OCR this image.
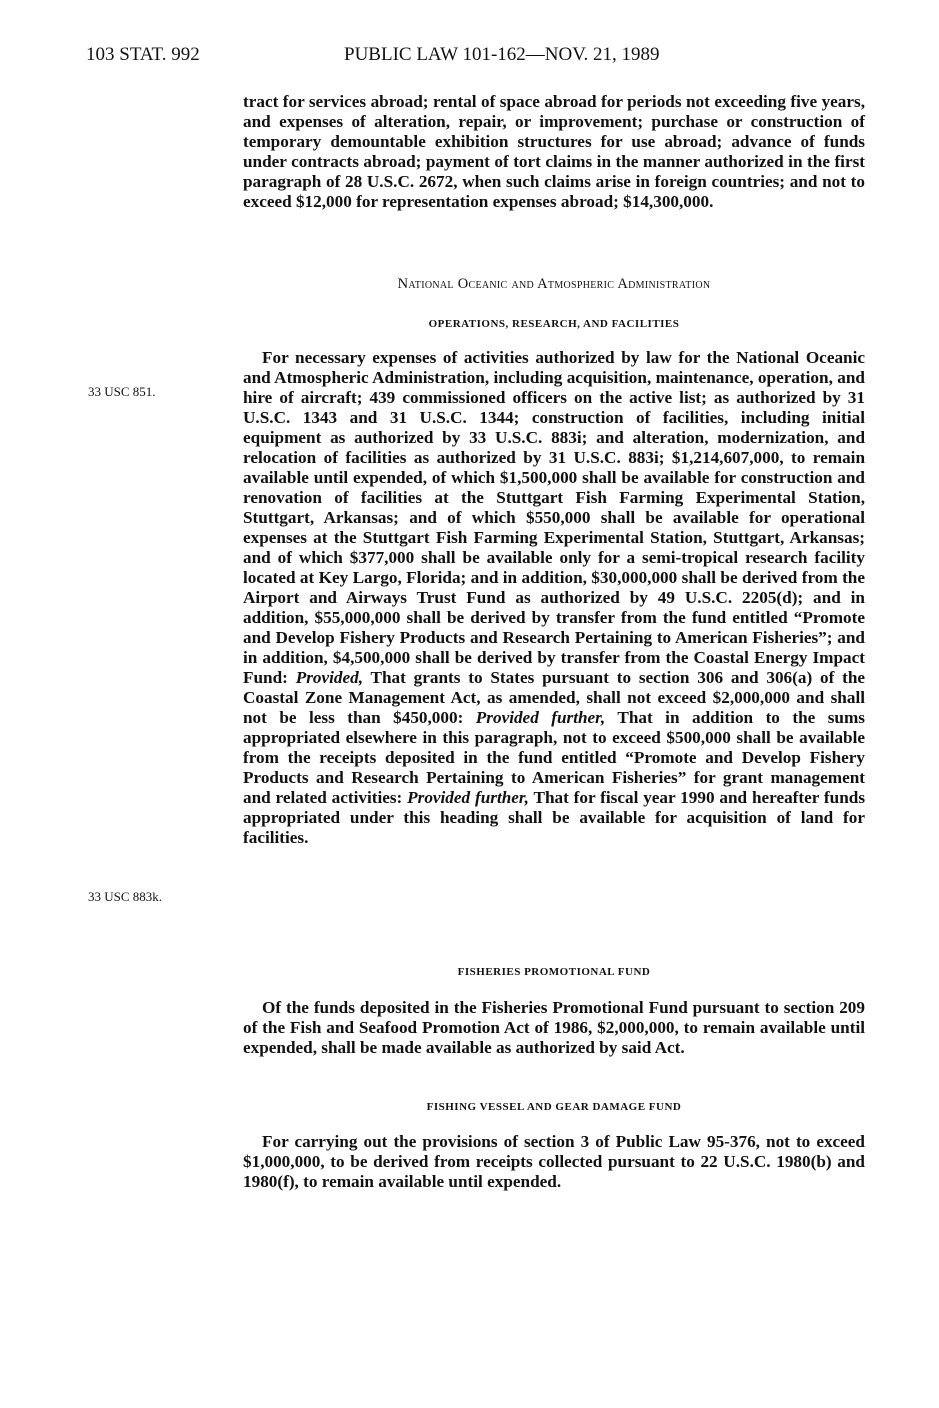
103 STAT. 992	PUBLIC LAW 101-162—NOV. 21, 1989
tract for services abroad; rental of space abroad for periods not exceeding five years, and expenses of alteration, repair, or improvement; purchase or construction of temporary demountable exhibition structures for use abroad; advance of funds under contracts abroad; payment of tort claims in the manner authorized in the first paragraph of 28 U.S.C. 2672, when such claims arise in foreign countries; and not to exceed $12,000 for representation expenses abroad; $14,300,000.
National Oceanic and Atmospheric Administration
OPERATIONS, RESEARCH, AND FACILITIES
33 USC 851.
For necessary expenses of activities authorized by law for the National Oceanic and Atmospheric Administration, including acquisition, maintenance, operation, and hire of aircraft; 439 commissioned officers on the active list; as authorized by 31 U.S.C. 1343 and 31 U.S.C. 1344; construction of facilities, including initial equipment as authorized by 33 U.S.C. 883i; and alteration, modernization, and relocation of facilities as authorized by 31 U.S.C. 883i; $1,214,607,000, to remain available until expended, of which $1,500,000 shall be available for construction and renovation of facilities at the Stuttgart Fish Farming Experimental Station, Stuttgart, Arkansas; and of which $550,000 shall be available for operational expenses at the Stuttgart Fish Farming Experimental Station, Stuttgart, Arkansas; and of which $377,000 shall be available only for a semi-tropical research facility located at Key Largo, Florida; and in addition, $30,000,000 shall be derived from the Airport and Airways Trust Fund as authorized by 49 U.S.C. 2205(d); and in addition, $55,000,000 shall be derived by transfer from the fund entitled “Promote and Develop Fishery Products and Research Pertaining to American Fisheries”; and in addition, $4,500,000 shall be derived by transfer from the Coastal Energy Impact Fund: Provided, That grants to States pursuant to section 306 and 306(a) of the Coastal Zone Management Act, as amended, shall not exceed $2,000,000 and shall not be less than $450,000: Provided further, That in addition to the sums appropriated elsewhere in this paragraph, not to exceed $500,000 shall be available from the receipts deposited in the fund entitled “Promote and Develop Fishery Products and Research Pertaining to American Fisheries” for grant management and related activities: Provided further, That for fiscal year 1990 and hereafter funds appropriated under this heading shall be available for acquisition of land for facilities.
33 USC 883k.
FISHERIES PROMOTIONAL FUND
Of the funds deposited in the Fisheries Promotional Fund pursuant to section 209 of the Fish and Seafood Promotion Act of 1986, $2,000,000, to remain available until expended, shall be made available as authorized by said Act.
FISHING VESSEL AND GEAR DAMAGE FUND
For carrying out the provisions of section 3 of Public Law 95-376, not to exceed $1,000,000, to be derived from receipts collected pursuant to 22 U.S.C. 1980(b) and 1980(f), to remain available until expended.
